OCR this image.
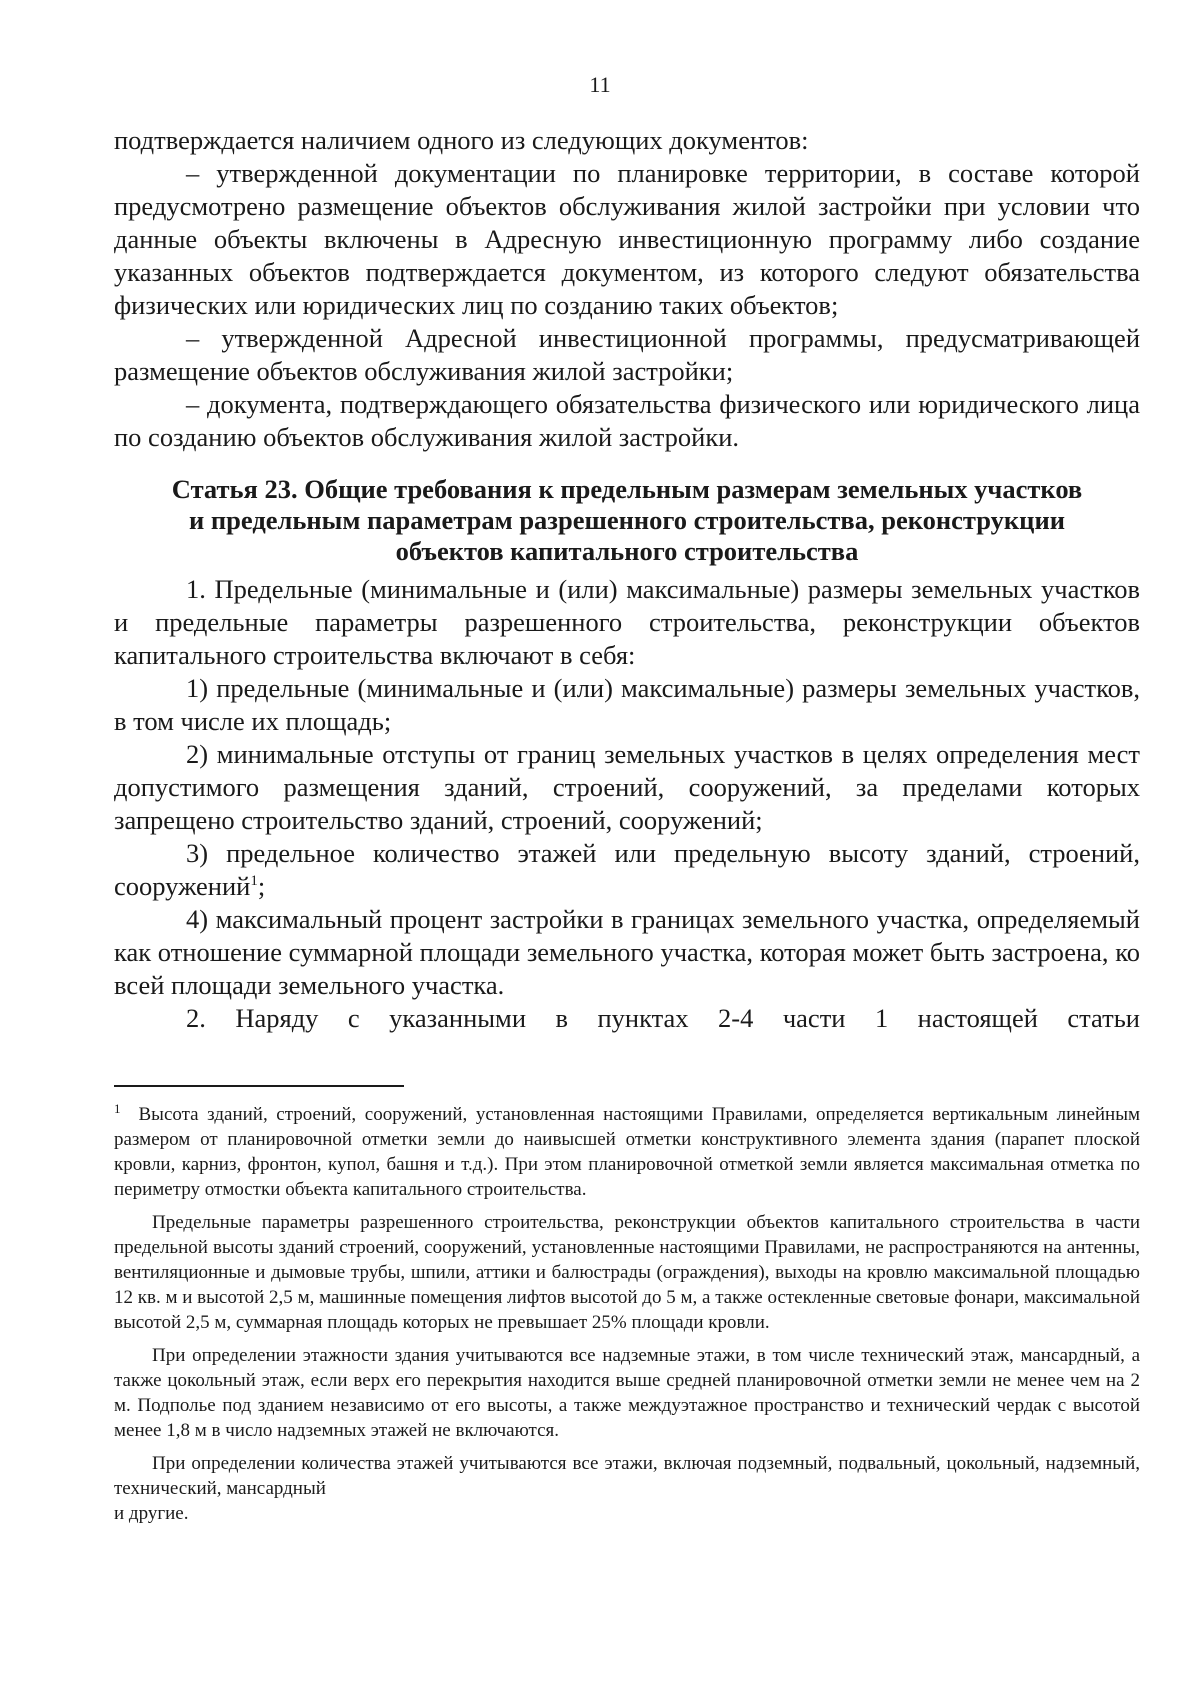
11

подтверждается наличием одного из следующих документов:

– утвержденной документации по планировке территории, в составе которой предусмотрено размещение объектов обслуживания жилой застройки при условии что данные объекты включены в Адресную инвестиционную программу либо создание указанных объектов подтверждается документом, из которого следуют обязательства физических или юридических лиц по созданию таких объектов;

– утвержденной Адресной инвестиционной программы, предусматривающей размещение объектов обслуживания жилой застройки;

– документа, подтверждающего обязательства физического или юридического лица по созданию объектов обслуживания жилой застройки.

Статья 23. Общие требования к предельным размерам земельных участков
и предельным параметрам разрешенного строительства, реконструкции
объектов капитального строительства

1. Предельные (минимальные и (или) максимальные) размеры земельных участков и предельные параметры разрешенного строительства, реконструкции объектов капитального строительства включают в себя:

1) предельные (минимальные и (или) максимальные) размеры земельных участков, в том числе их площадь;

2) минимальные отступы от границ земельных участков в целях определения мест допустимого размещения зданий, строений, сооружений, за пределами которых запрещено строительство зданий, строений, сооружений;

3) предельное количество этажей или предельную высоту зданий, строений, сооружений$^1$;

4) максимальный процент застройки в границах земельного участка, определяемый как отношение суммарной площади земельного участка, которая может быть застроена, ко всей площади земельного участка.

2. Наряду с указанными в пунктах 2-4 части 1 настоящей статьи

$^1$ Высота зданий, строений, сооружений, установленная настоящими Правилами, определяется вертикальным линейным размером от планировочной отметки земли до наивысшей отметки конструктивного элемента здания (парапет плоской кровли, карниз, фронтон, купол, башня и т.д.). При этом планировочной отметкой земли является максимальная отметка по периметру отмостки объекта капитального строительства.

Предельные параметры разрешенного строительства, реконструкции объектов капитального строительства в части предельной высоты зданий строений, сооружений, установленные настоящими Правилами, не распространяются на антенны, вентиляционные и дымовые трубы, шпили, аттики и балюстрады (ограждения), выходы на кровлю максимальной площадью 12 кв. м и высотой 2,5 м, машинные помещения лифтов высотой до 5 м, а также остекленные световые фонари, максимальной высотой 2,5 м, суммарная площадь которых не превышает 25% площади кровли.

При определении этажности здания учитываются все надземные этажи, в том числе технический этаж, мансардный, а также цокольный этаж, если верх его перекрытия находится выше средней планировочной отметки земли не менее чем на 2 м. Подполье под зданием независимо от его высоты, а также междуэтажное пространство и технический чердак с высотой менее 1,8 м в число надземных этажей не включаются.

При определении количества этажей учитываются все этажи, включая подземный, подвальный, цокольный, надземный, технический, мансардный
и другие.
